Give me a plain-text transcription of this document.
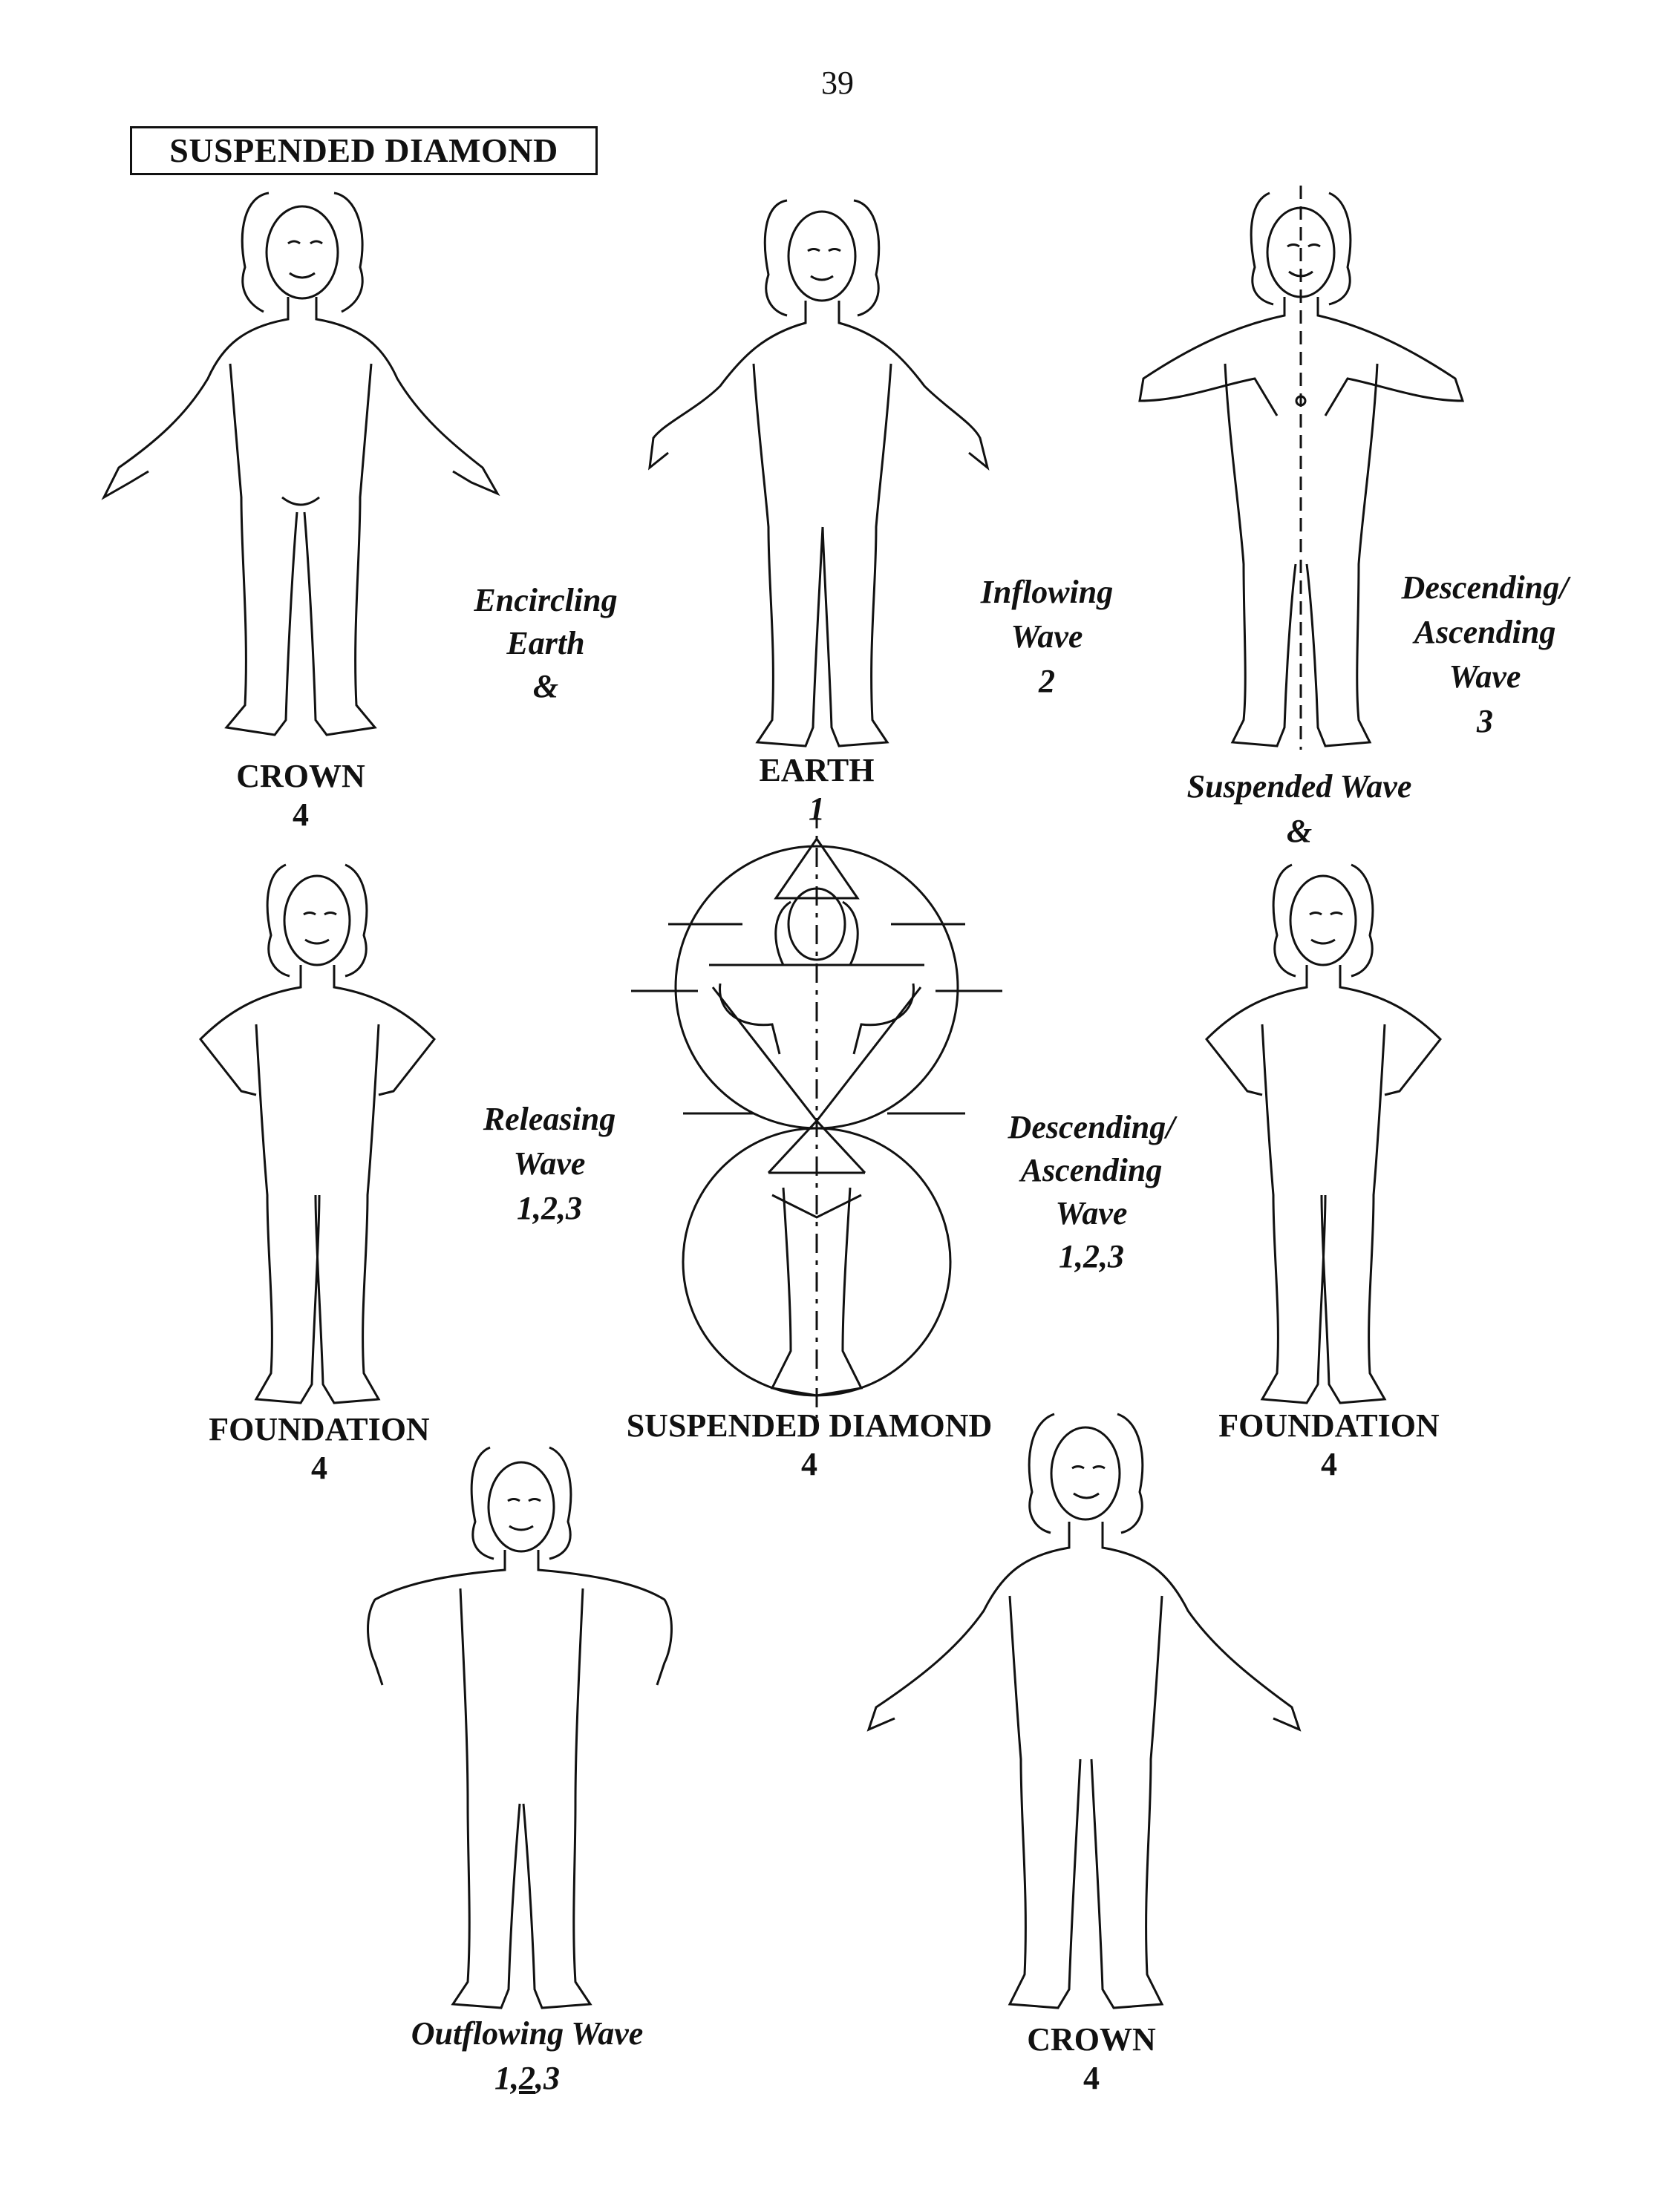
39
SUSPENDED DIAMOND
CROWN
4
Encircling
Earth
&
EARTH
1
Inflowing
Wave
2
Descending/
Ascending
Wave
3
Suspended Wave
&
FOUNDATION
4
SUSPENDED DIAMOND
4
Releasing
Wave
1,2,3
Descending/
Ascending
Wave
1,2,3
FOUNDATION
4
Outflowing Wave
1,2,3
CROWN
4
